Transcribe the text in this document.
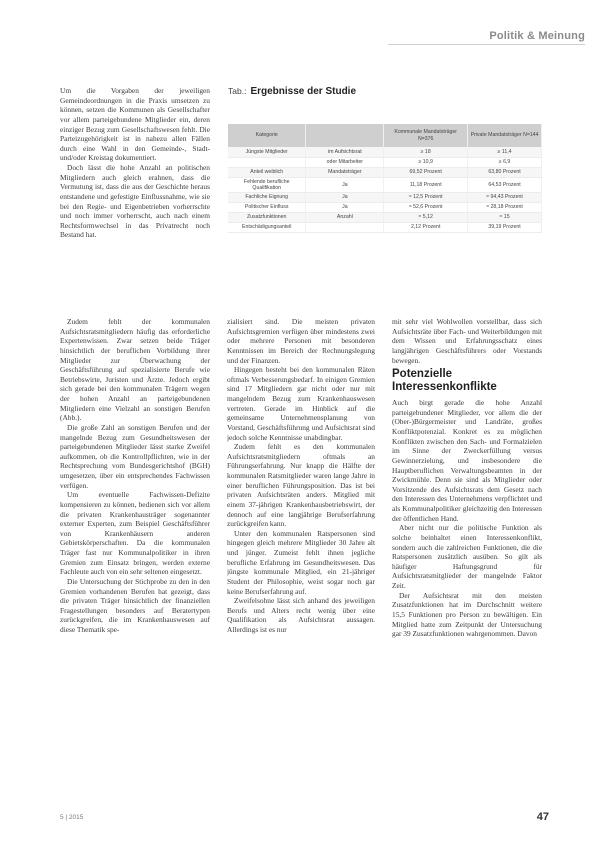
Politik & Meinung

Um die Vorgaben der jeweiligen Gemeindeordnungen in die Praxis umsetzen zu können, setzen die Kommunen als Gesellschafter vor allem parteigebundene Mitglieder ein, deren einziger Bezug zum Gesellschaftswesen fehlt. Die Parteizugehörigkeit ist in nahezu allen Fällen durch eine Wahl in den Gemeinde-, Stadt- und/oder Kreistag dokumentiert.

Doch lässt die hohe Anzahl an politischen Mitgliedern auch gleich erahnen, dass die Vermutung ist, dass die aus der Geschichte heraus entstandene und gefestigte Einflussnahme, wie sie bei den Regie- und Eigenbetrieben vorherrschte und noch immer vorherrscht, auch nach einem Rechtsformwechsel in das Privatrecht noch Bestand hat.

Tab.: Ergebnisse der Studie
Kategorie		Kommunale Mandatsträger N=376	Private Mandatsträger N=144
Jüngste Mitglieder	im Aufsichtsrat	≥ 18	≥ 11,4
	oder Mitarbeiter	≥ 10,9	≥ 6,9
Anteil weiblich	Mandatsträger	69,52 Prozent	63,80 Prozent
Fehlende berufliche Qualifikation	Ja	11,18 Prozent	64,53 Prozent
Fachliche Eignung	Ja	≈ 12,5 Prozent	≈ 94,43 Prozent
Politischer Einfluss	Ja	≈ 52,6 Prozent	≈ 28,18 Prozent
Zusatzfunktionen	Anzahl	≈ 5,12	≈ 15
Entschädigungsanteil		2,12 Prozent	39,19 Prozent

Zudem fehlt der kommunalen Aufsichtsratsmitgliedern häufig das erforderliche Expertenwissen. Zwar setzen beide Träger hinsichtlich der beruflichen Vorbildung ihrer Mitglieder zur Überwachung der Geschäftsführung auf spezialisierte Berufe wie Betriebswirte, Juristen und Ärzte. Jedoch ergibt sich gerade bei den kommunalen Trägern wegen der hohen Anzahl an parteigebundenen Mitgliedern eine Vielzahl an sonstigen Berufen (Abb.).

Die große Zahl an sonstigen Berufen und der mangelnde Bezug zum Gesundheitswesen der parteigebundenen Mitglieder lässt starke Zweifel aufkommen, ob die Kontrollpflichten, wie in der Rechtsprechung vom Bundesgerichtshof (BGH) umgesetzen, über ein entsprechendes Fachwissen verfügen.

Um eventuelle Fachwissen-Defizite kompensieren zu können, bedienen sich vor allem die privaten Krankenhausträger sogenannter externer Experten, zum Beispiel Geschäftsführer von Krankenhäusern anderen Gebietskörperschaften. Da die kommunalen Träger fast nur Kommunalpolitiker in ihren Gremien zum Einsatz bringen, werden externe Fachleute auch von ein sehr seltenen eingesetzt.

Die Untersuchung der Stichprobe zu den in den Gremien vorhandenen Berufen hat gezeigt, dass die privaten Träger hinsichtlich der finanziellen Fragestellungen besonders auf Beratertypen zurückgreifen, die im Krankenhauswesen auf diese Thematik spe-

zialisiert sind. Die meisten privaten Aufsichtsgremien verfügen über mindestens zwei oder mehrere Personen mit besonderen Kenntnissen im Bereich der Rechnungslegung und der Finanzen.

Hingegen besteht bei den kommunalen Räten oftmals Verbesserungsbedarf. In einigen Gremien sind 17 Mitgliedern gar nicht oder nur mit mangelndem Bezug zum Krankenhauswesen vertreten. Gerade im Hinblick auf die gemeinsame Unternehmensplanung von Vorstand, Geschäftsführung und Aufsichtsrat sind jedoch solche Kenntnisse unabdingbar.

Zudem fehlt es den kommunalen Aufsichtsratsmitgliedern oftmals an Führungserfahrung. Nur knapp die Hälfte der kommunalen Ratsmitglieder waren lange Jahre in einer beruflichen Führungsposition. Das ist bei privaten Aufsichtsräten anders. Mitglied mit einem 37-jährigen Krankenhausbetriebswirt, der dennoch auf eine langjährige Berufserfahrung zurückgreifen kann.

Unter den kommunalen Ratspersonen sind hingegen gleich mehrere Mitglieder 30 Jahre alt und jünger. Zumeist fehlt ihnen jegliche berufliche Erfahrung im Gesundheitswesen. Das jüngste kommunale Mitglied, ein 21-jähriger Student der Philosophie, weist sogar noch gar keine Berufserfahrung auf.

Zweifelsohne lässt sich anhand des jeweiligen Berufs und Alters recht wenig über eine Qualifikation als Aufsichtsrat aussagen. Allerdings ist es nur

mit sehr viel Wohlwollen vorstellbar, dass sich Aufsichtsräte über Fach- und Weiterbildungen mit dem Wissen und Erfahrungsschatz eines langjährigen Geschäftsführers oder Vorstands bewegen.

Potenzielle Interessenkonflikte

Auch birgt gerade die hohe Anzahl parteigebundener Mitglieder, vor allem die der (Ober-)Bürgermeister und Landräte, großes Konfliktpotenzial. Konkret es zu möglichen Konflikten zwischen den Sach- und Formalzielen im Sinne der Zweckerfüllung versus Gewinnerzielung, und insbesondere die Hauptberuflichen Verwaltungsbeamten in der Zwickmühle. Denn sie sind als Mitglieder oder Vorsitzende des Aufsichtsrats dem Gesetz nach den Interessen des Unternehmens verpflichtet und als Kommunalpolitiker gleichzeitig den Interessen der öffentlichen Hand.

Aber nicht nur die politische Funktion als solche beinhaltet einen Interessenkonflikt, sondern auch die zahlreichen Funktionen, die die Ratspersonen zusätzlich ausüben. So gilt als häufiger Haftungsgrund für Aufsichtsratsmitglieder der mangelnde Faktor Zeit.

Der Aufsichtsrat mit den meisten Zusatzfunktionen hat im Durchschnitt weitere 15,5 Funktionen pro Person zu bewältigen. Ein Mitglied hatte zum Zeitpunkt der Untersuchung gar 39 Zusatzfunktionen wahrgenommen. Davon

5 | 2015	47
